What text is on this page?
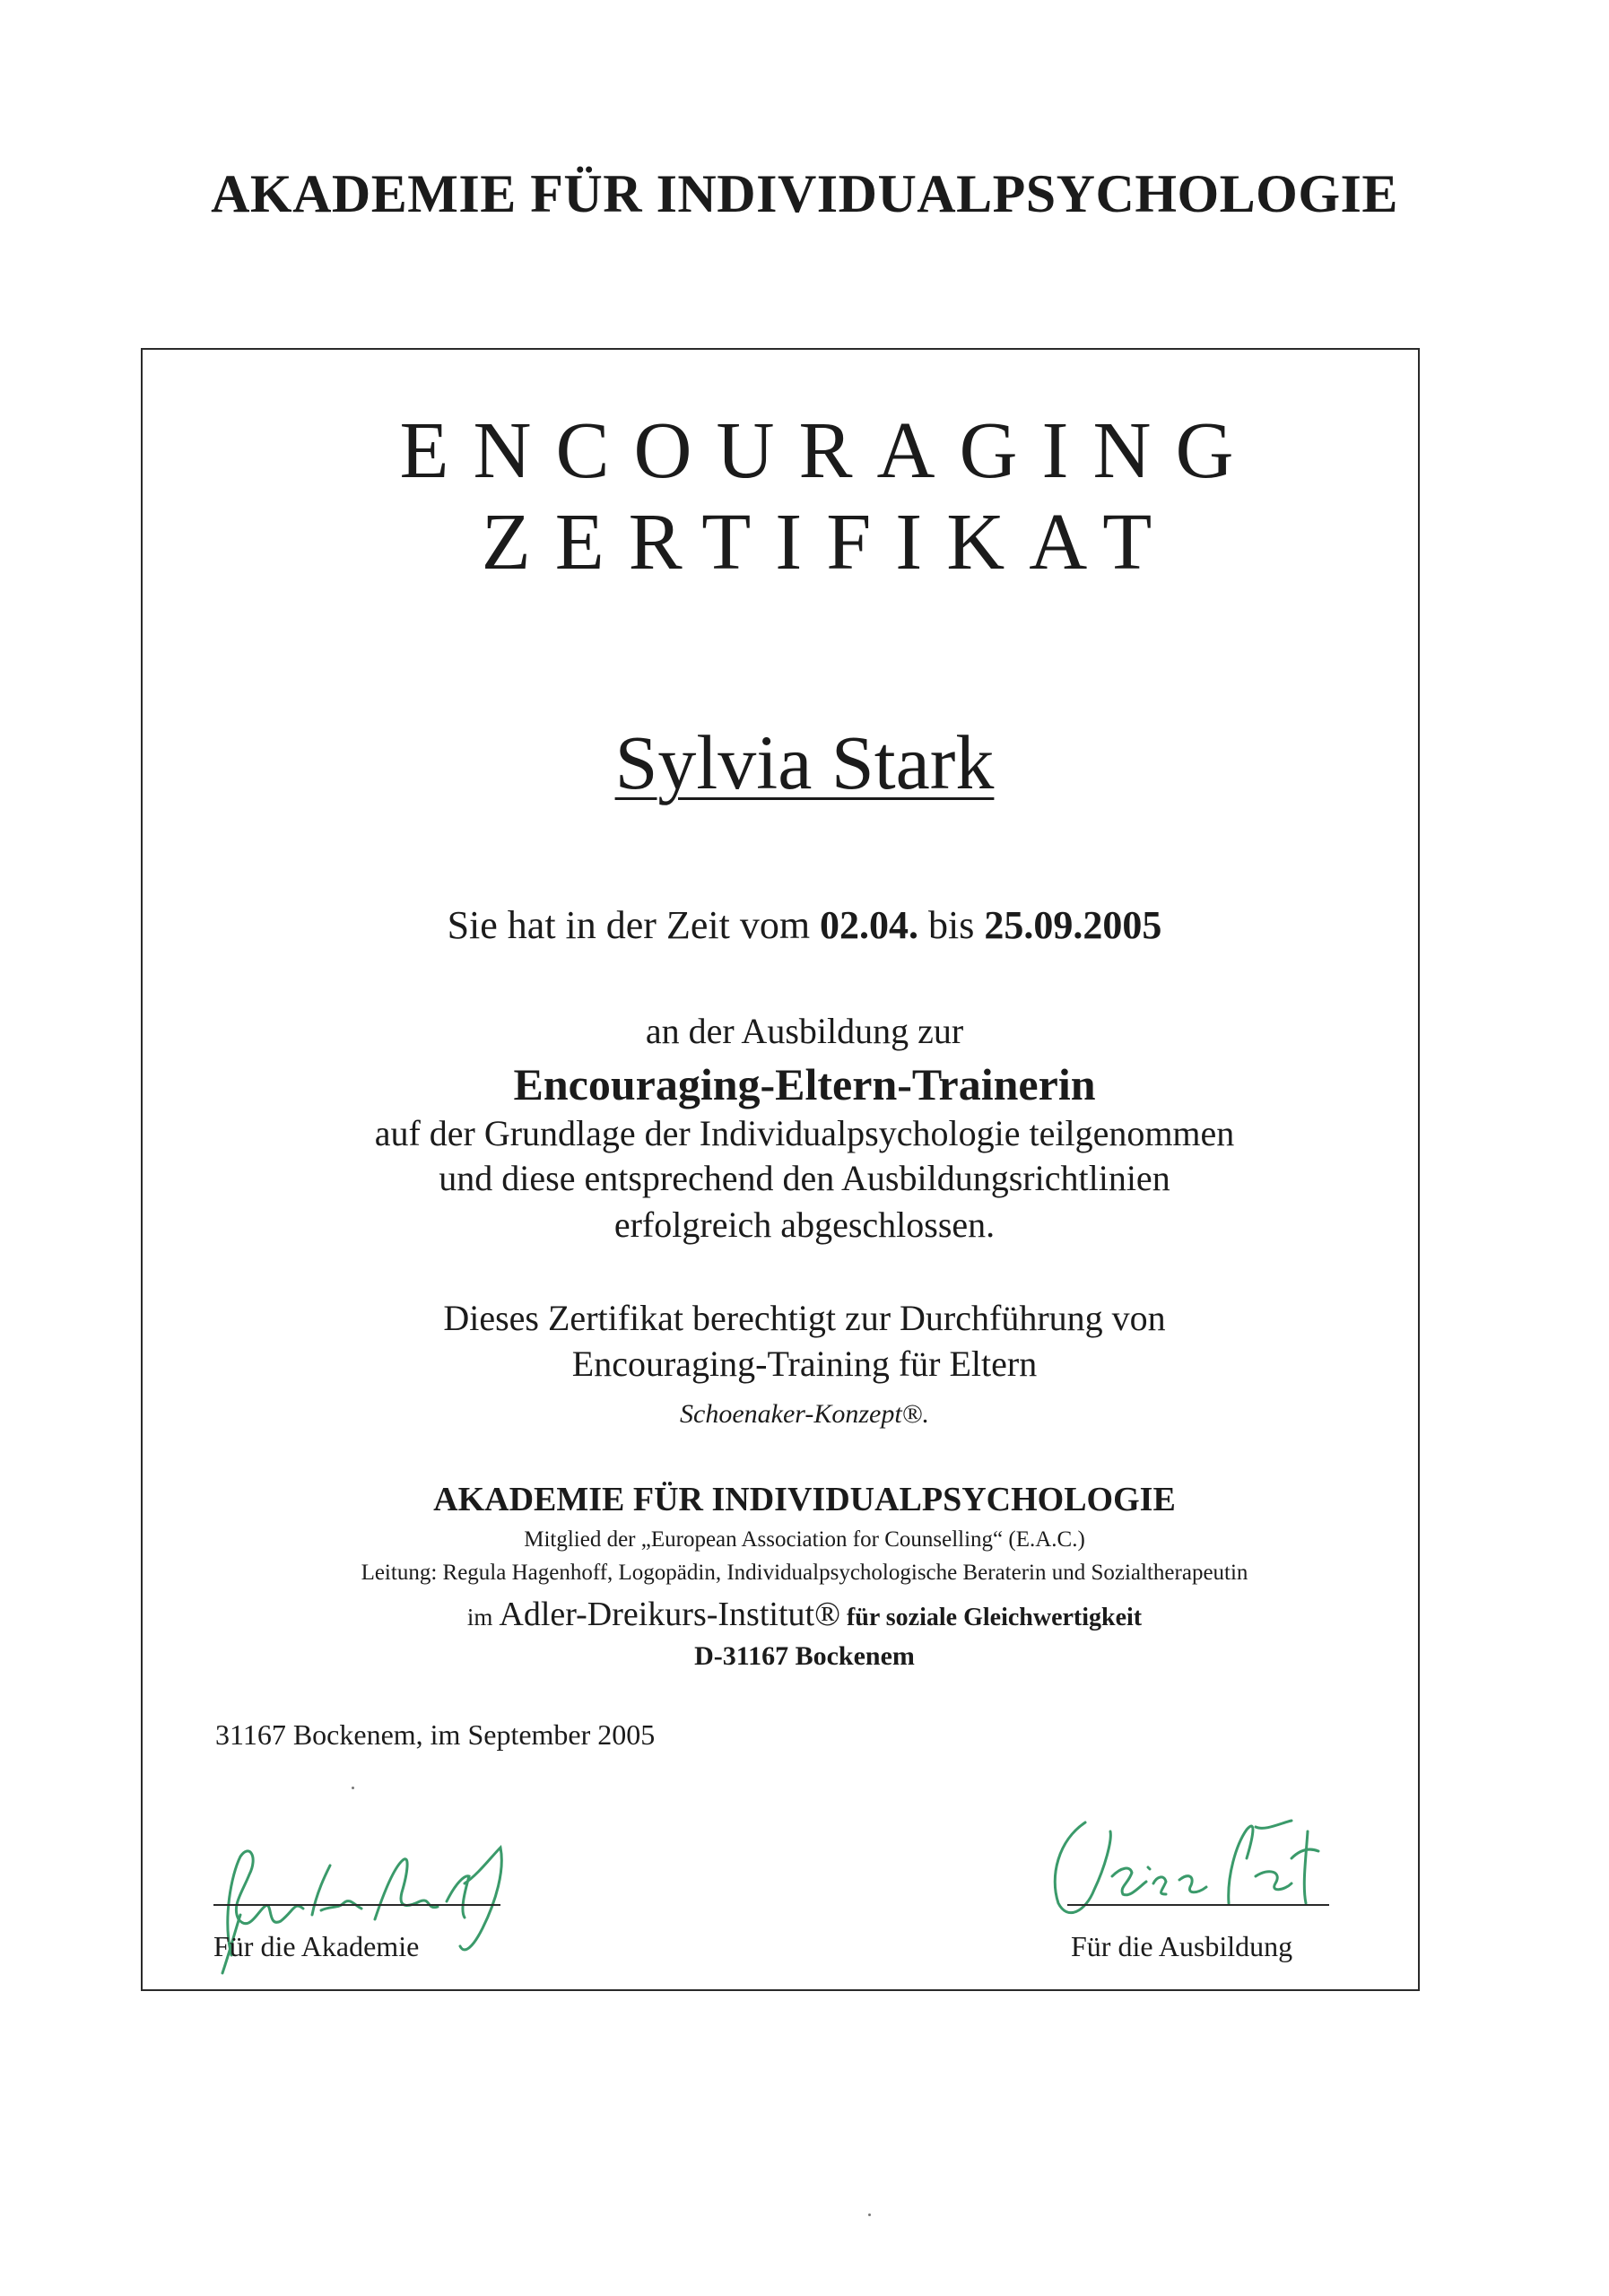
AKADEMIE FÜR INDIVIDUALPSYCHOLOGIE

ENCOURAGING

ZERTIFIKAT

Sylvia Stark

Sie hat in der Zeit vom 02.04. bis 25.09.2005

an der Ausbildung zur

Encouraging-Eltern-Trainerin

auf der Grundlage der Individualpsychologie teilgenommen

und diese entsprechend den Ausbildungsrichtlinien

erfolgreich abgeschlossen.

Dieses Zertifikat berechtigt zur Durchführung von

Encouraging-Training für Eltern

Schoenaker-Konzept®.

AKADEMIE FÜR INDIVIDUALPSYCHOLOGIE

Mitglied der „European Association for Counselling“ (E.A.C.)

Leitung: Regula Hagenhoff, Logopädin, Individualpsychologische Beraterin und Sozialtherapeutin

im Adler-Dreikurs-Institut® für soziale Gleichwertigkeit

D-31167 Bockenem

31167 Bockenem, im September 2005

Für die Akademie	Für die Ausbildung
